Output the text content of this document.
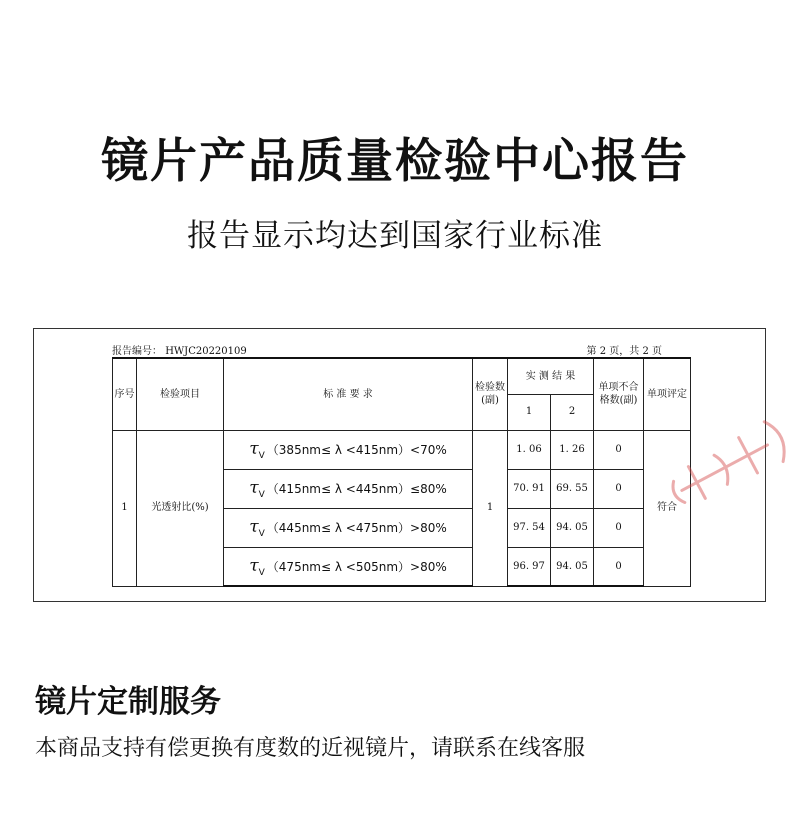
镜片产品质量检验中心报告
报告显示均达到国家行业标准
报告编号： HWJC20220109	第 2 页，共 2 页
序号	检验项目	标 准 要 求	检验数(副)	实 测 结 果		单项不合格数(副)	单项评定
				1	2		
1	光透射比(%)	$\tau_V$ （385nm≤ λ <415nm）<70%	1	1. 06	1. 26	0	符合
		$\tau_V$ （415nm≤ λ <445nm）≤80%		70. 91	69. 55	0	
		$\tau_V$ （445nm≤ λ <475nm）>80%		97. 54	94. 05	0	
		$\tau_V$ （475nm≤ λ <505nm）>80%		96. 97	94. 05	0	
镜片定制服务
本商品支持有偿更换有度数的近视镜片，请联系在线客服
